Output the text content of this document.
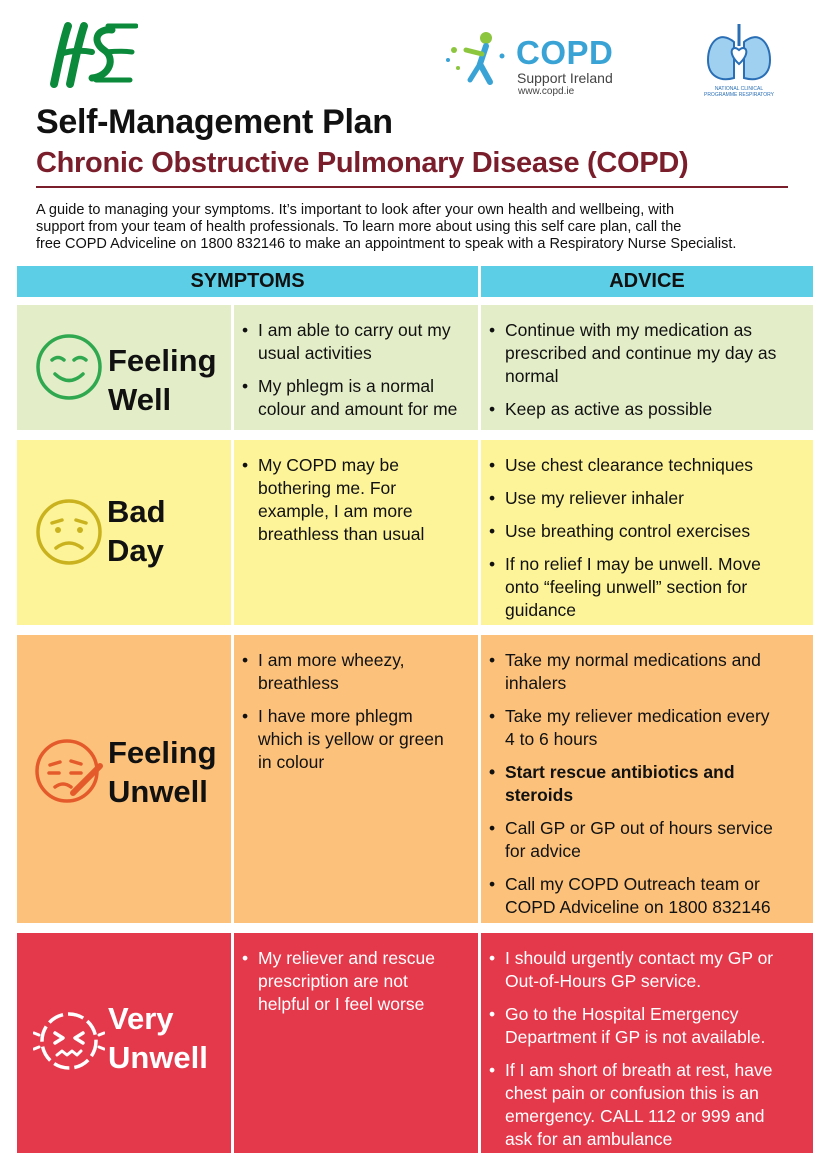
COPD
Support Ireland
www.copd.ie	NATIONAL CLINICAL
PROGRAMME RESPIRATORY
Self-Management Plan
Chronic Obstructive Pulmonary Disease (COPD)
A guide to managing your symptoms. It’s important to look after your own health and wellbeing, with
support from your team of health professionals. To learn more about using this self care plan, call the
free COPD Adviceline on 1800 832146 to make an appointment to speak with a Respiratory Nurse Specialist.
SYMPTOMS	ADVICE
Feeling
Well
• I am able to carry out my
usual activities
• My phlegm is a normal
colour and amount for me
• Continue with my medication as
prescribed and continue my day as
normal
• Keep as active as possible
Bad
Day
• My COPD may be
bothering me. For
example, I am more
breathless than usual
• Use chest clearance techniques
• Use my reliever inhaler
• Use breathing control exercises
• If no relief I may be unwell. Move
onto “feeling unwell” section for
guidance
Feeling
Unwell
• I am more wheezy,
breathless
• I have more phlegm
which is yellow or green
in colour
• Take my normal medications and
inhalers
• Take my reliever medication every
4 to 6 hours
• Start rescue antibiotics and
steroids
• Call GP or GP out of hours service
for advice
• Call my COPD Outreach team or
COPD Adviceline on 1800 832146
Very
Unwell
• My reliever and rescue
prescription are not
helpful or I feel worse
• I should urgently contact my GP or
Out-of-Hours GP service.
• Go to the Hospital Emergency
Department if GP is not available.
• If I am short of breath at rest, have
chest pain or confusion this is an
emergency. CALL 112 or 999 and
ask for an ambulance
